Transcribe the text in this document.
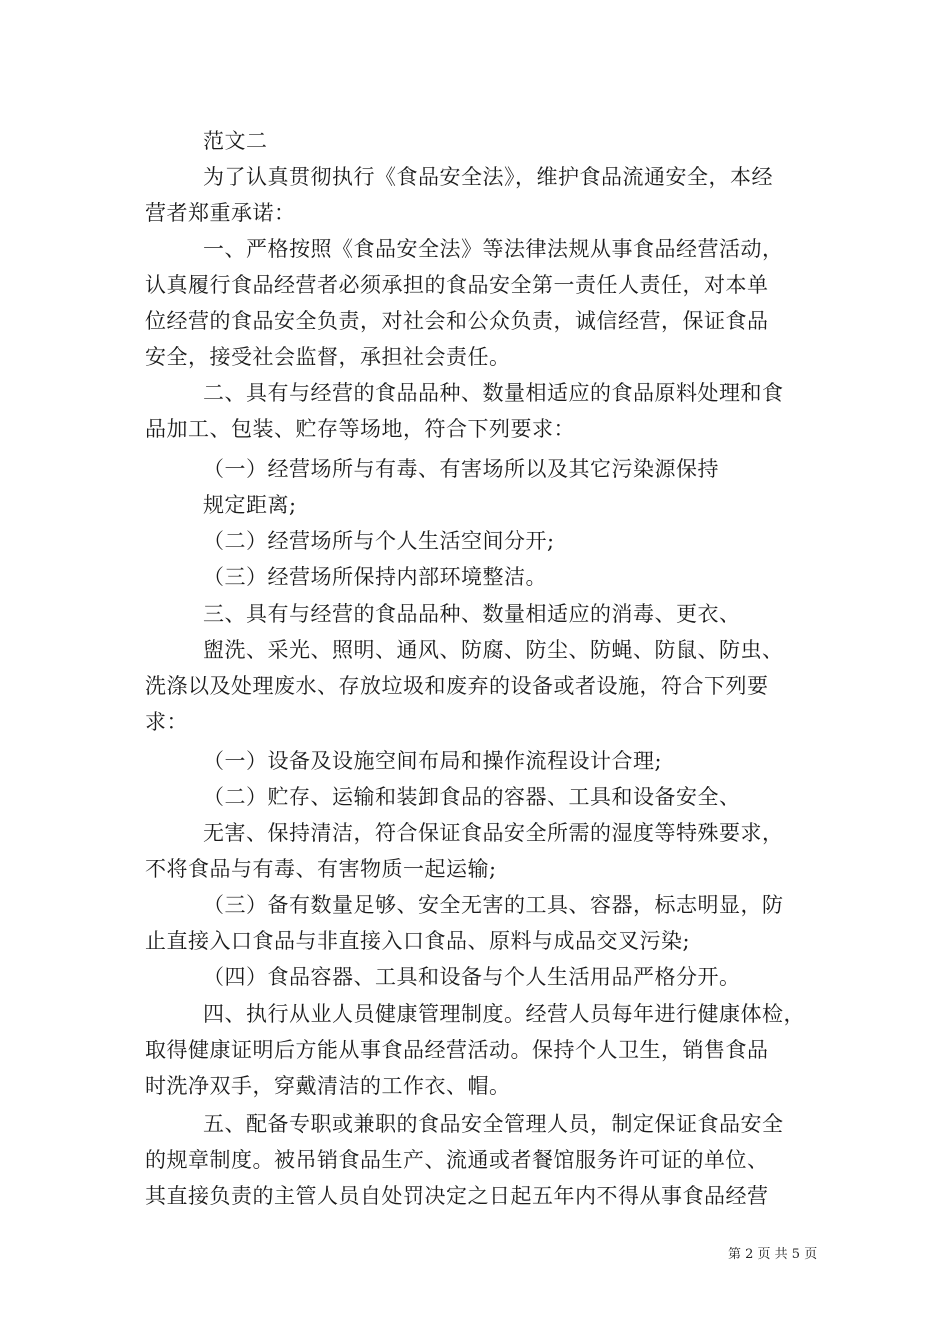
范文二
为了认真贯彻执行《食品安全法》，维护食品流通安全，本经
营者郑重承诺：
一、严格按照《食品安全法》等法律法规从事食品经营活动，
认真履行食品经营者必须承担的食品安全第一责任人责任，对本单
位经营的食品安全负责，对社会和公众负责，诚信经营，保证食品
安全，接受社会监督，承担社会责任。
二、具有与经营的食品品种、数量相适应的食品原料处理和食
品加工、包装、贮存等场地，符合下列要求：
（一）经营场所与有毒、有害场所以及其它污染源保持
规定距离;
（二）经营场所与个人生活空间分开;
（三）经营场所保持内部环境整洁。
三、具有与经营的食品品种、数量相适应的消毒、更衣、
盥洗、采光、照明、通风、防腐、防尘、防蝇、防鼠、防虫、
洗涤以及处理废水、存放垃圾和废弃的设备或者设施，符合下列要
求：
（一）设备及设施空间布局和操作流程设计合理;
（二）贮存、运输和装卸食品的容器、工具和设备安全、
无害、保持清洁，符合保证食品安全所需的湿度等特殊要求，
不将食品与有毒、有害物质一起运输;
（三）备有数量足够、安全无害的工具、容器，标志明显，防
止直接入口食品与非直接入口食品、原料与成品交叉污染;
（四）食品容器、工具和设备与个人生活用品严格分开。
四、执行从业人员健康管理制度。经营人员每年进行健康体检，
取得健康证明后方能从事食品经营活动。保持个人卫生，销售食品
时洗净双手，穿戴清洁的工作衣、帽。
五、配备专职或兼职的食品安全管理人员，制定保证食品安全
的规章制度。被吊销食品生产、流通或者餐馆服务许可证的单位、
其直接负责的主管人员自处罚决定之日起五年内不得从事食品经营
第 2 页 共 5 页
